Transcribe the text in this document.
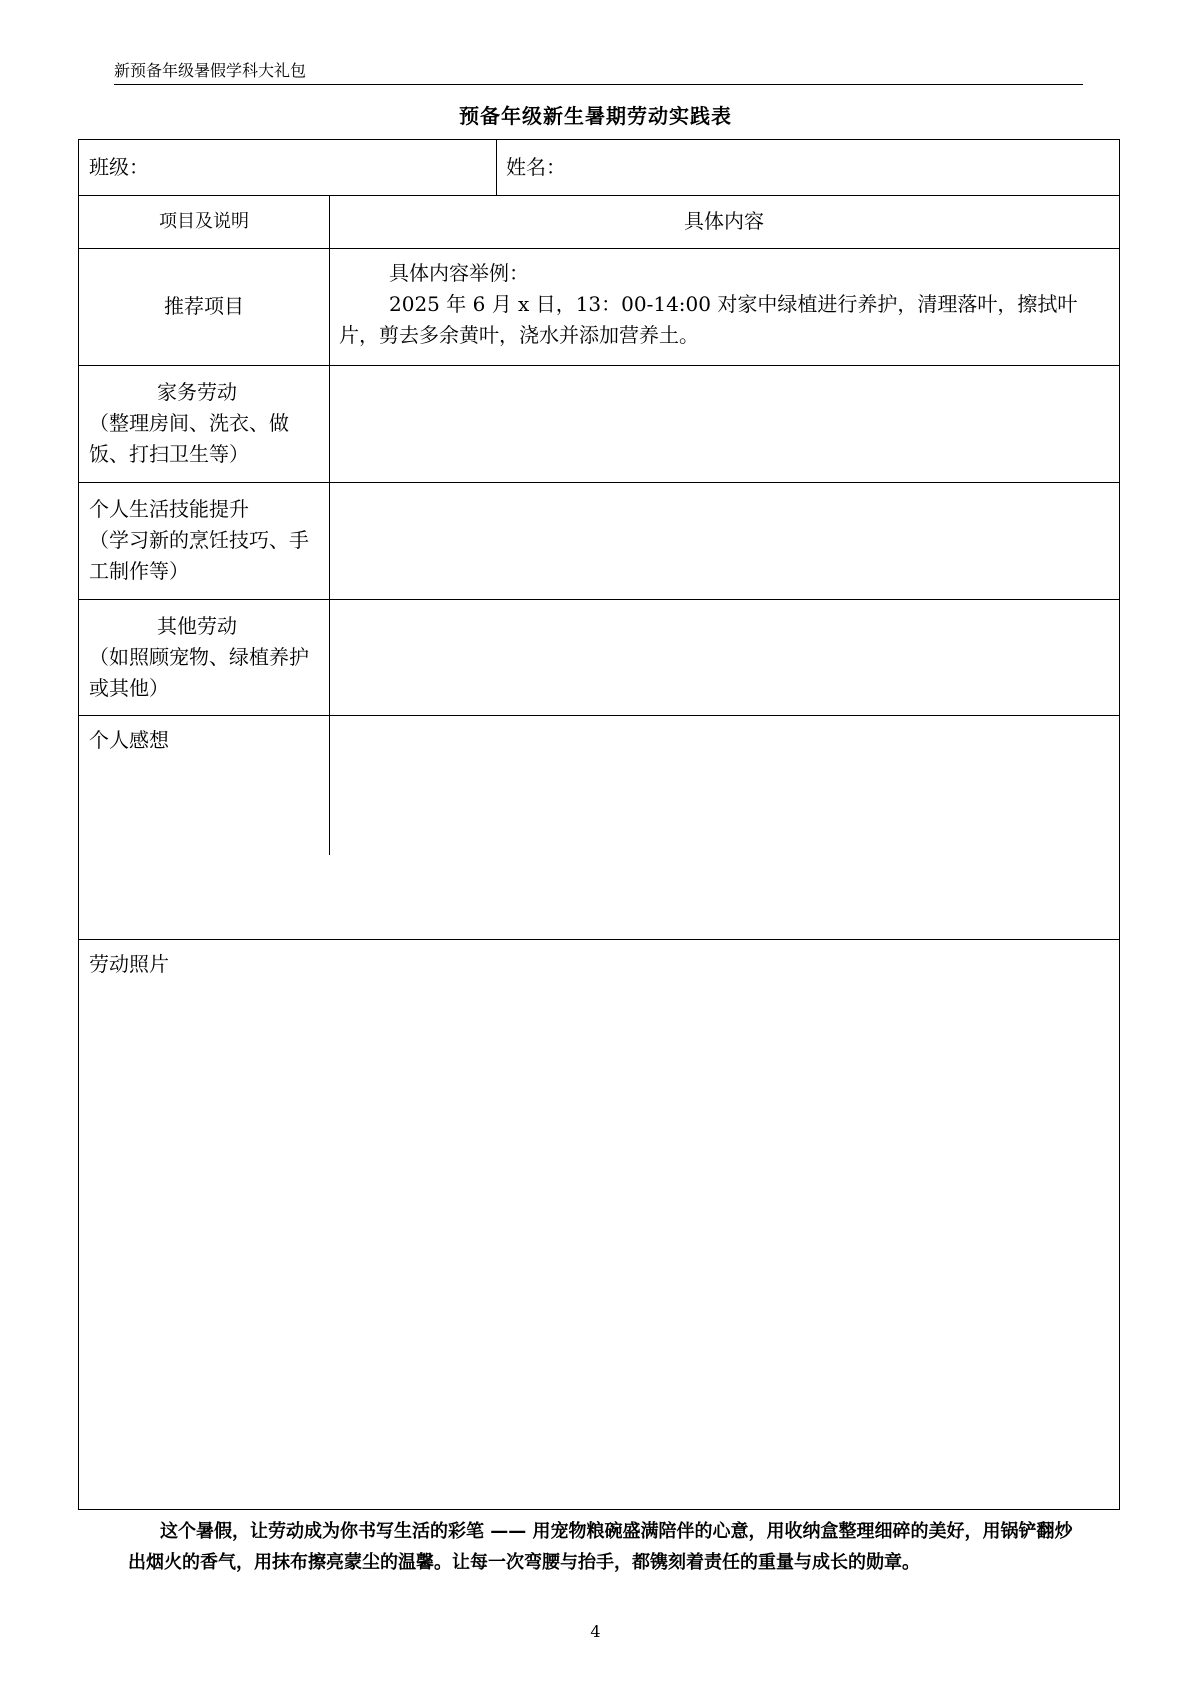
新预备年级暑假学科大礼包
预备年级新生暑期劳动实践表
班级：	姓名：
项目及说明	具体内容
推荐项目
具体内容举例：
2025 年 6 月 x 日，13：00-14:00 对家中绿植进行养护，清理落叶，擦拭叶片，剪去多余黄叶，浇水并添加营养土。
家务劳动
（整理房间、洗衣、做饭、打扫卫生等）
个人生活技能提升
（学习新的烹饪技巧、手工制作等）
其他劳动
（如照顾宠物、绿植养护或其他）
个人感想
劳动照片
这个暑假，让劳动成为你书写生活的彩笔 —— 用宠物粮碗盛满陪伴的心意，用收纳盒整理细碎的美好，用锅铲翻炒出烟火的香气，用抹布擦亮蒙尘的温馨。让每一次弯腰与抬手，都镌刻着责任的重量与成长的勋章。
4
